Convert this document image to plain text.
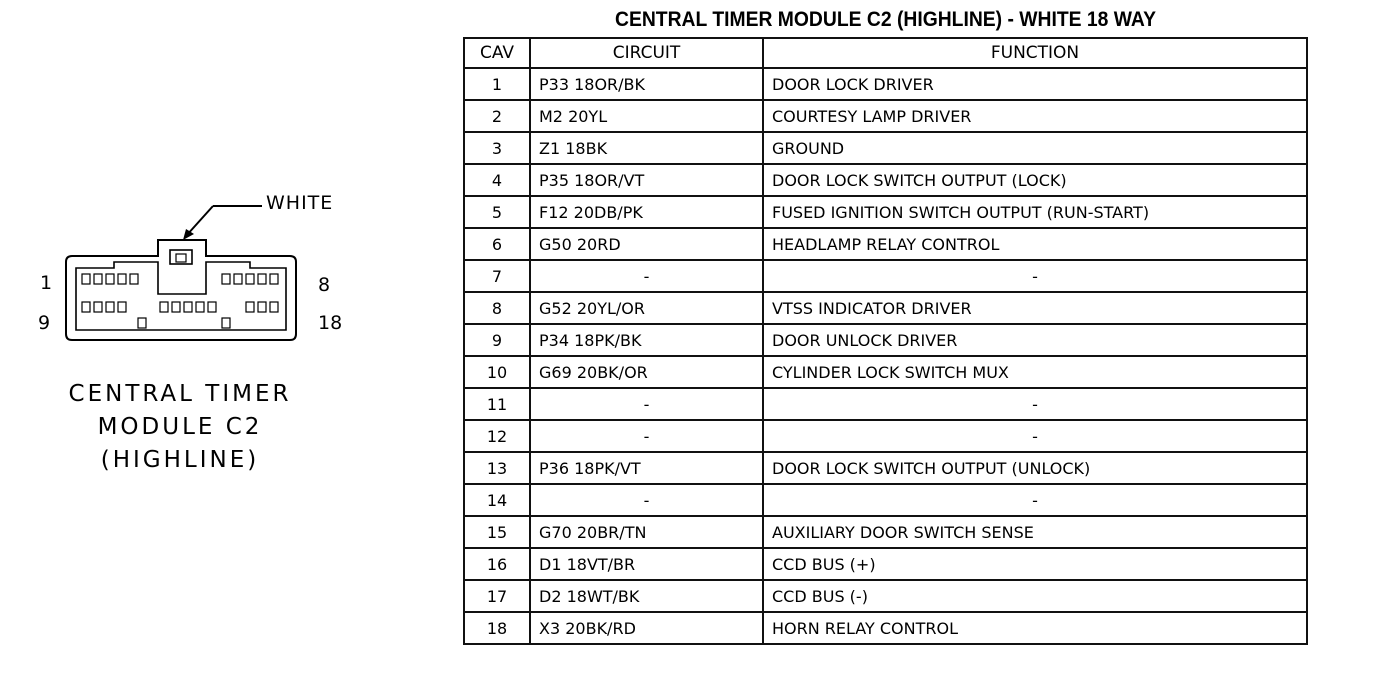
WHITE
1	8
9	18
CENTRAL TIMER
MODULE C2
(HIGHLINE)
CENTRAL TIMER MODULE C2 (HIGHLINE) - WHITE 18 WAY
CAV	CIRCUIT	FUNCTION
1	P33 18OR/BK	DOOR LOCK DRIVER
2	M2 20YL	COURTESY LAMP DRIVER
3	Z1 18BK	GROUND
4	P35 18OR/VT	DOOR LOCK SWITCH OUTPUT (LOCK)
5	F12 20DB/PK	FUSED IGNITION SWITCH OUTPUT (RUN-START)
6	G50 20RD	HEADLAMP RELAY CONTROL
7	-	-
8	G52 20YL/OR	VTSS INDICATOR DRIVER
9	P34 18PK/BK	DOOR UNLOCK DRIVER
10	G69 20BK/OR	CYLINDER LOCK SWITCH MUX
11	-	-
12	-	-
13	P36 18PK/VT	DOOR LOCK SWITCH OUTPUT (UNLOCK)
14	-	-
15	G70 20BR/TN	AUXILIARY DOOR SWITCH SENSE
16	D1 18VT/BR	CCD BUS (+)
17	D2 18WT/BK	CCD BUS (-)
18	X3 20BK/RD	HORN RELAY CONTROL
